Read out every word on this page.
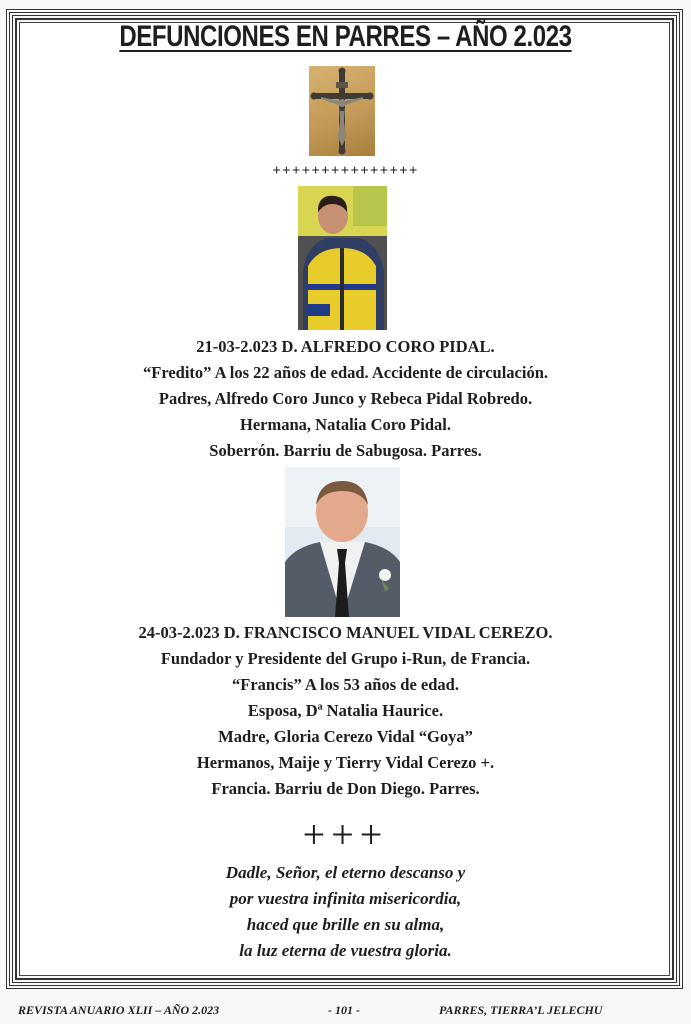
DEFUNCIONES EN PARRES – AÑO 2.023
+++++++++++++++
21-03-2.023 D. ALFREDO CORO PIDAL.
“Fredito” A los 22 años de edad. Accidente de circulación.
Padres, Alfredo Coro Junco y Rebeca Pidal Robredo.
Hermana, Natalia Coro Pidal.
Soberrón. Barriu de Sabugosa. Parres.
24-03-2.023 D. FRANCISCO MANUEL VIDAL CEREZO.
Fundador y Presidente del Grupo i-Run, de Francia.
“Francis” A los 53 años de edad.
Esposa, Dª Natalia Haurice.
Madre, Gloria Cerezo Vidal “Goya”
Hermanos, Maije y Tierry Vidal Cerezo +.
Francia. Barriu de Don Diego. Parres.
+++
Dadle, Señor, el eterno descanso y
por vuestra infinita misericordia,
haced que brille en su alma,
la luz eterna de vuestra gloria.
REVISTA ANUARIO XLII – AÑO 2.023	- 101 -	PARRES, TIERRA’L JELECHU
